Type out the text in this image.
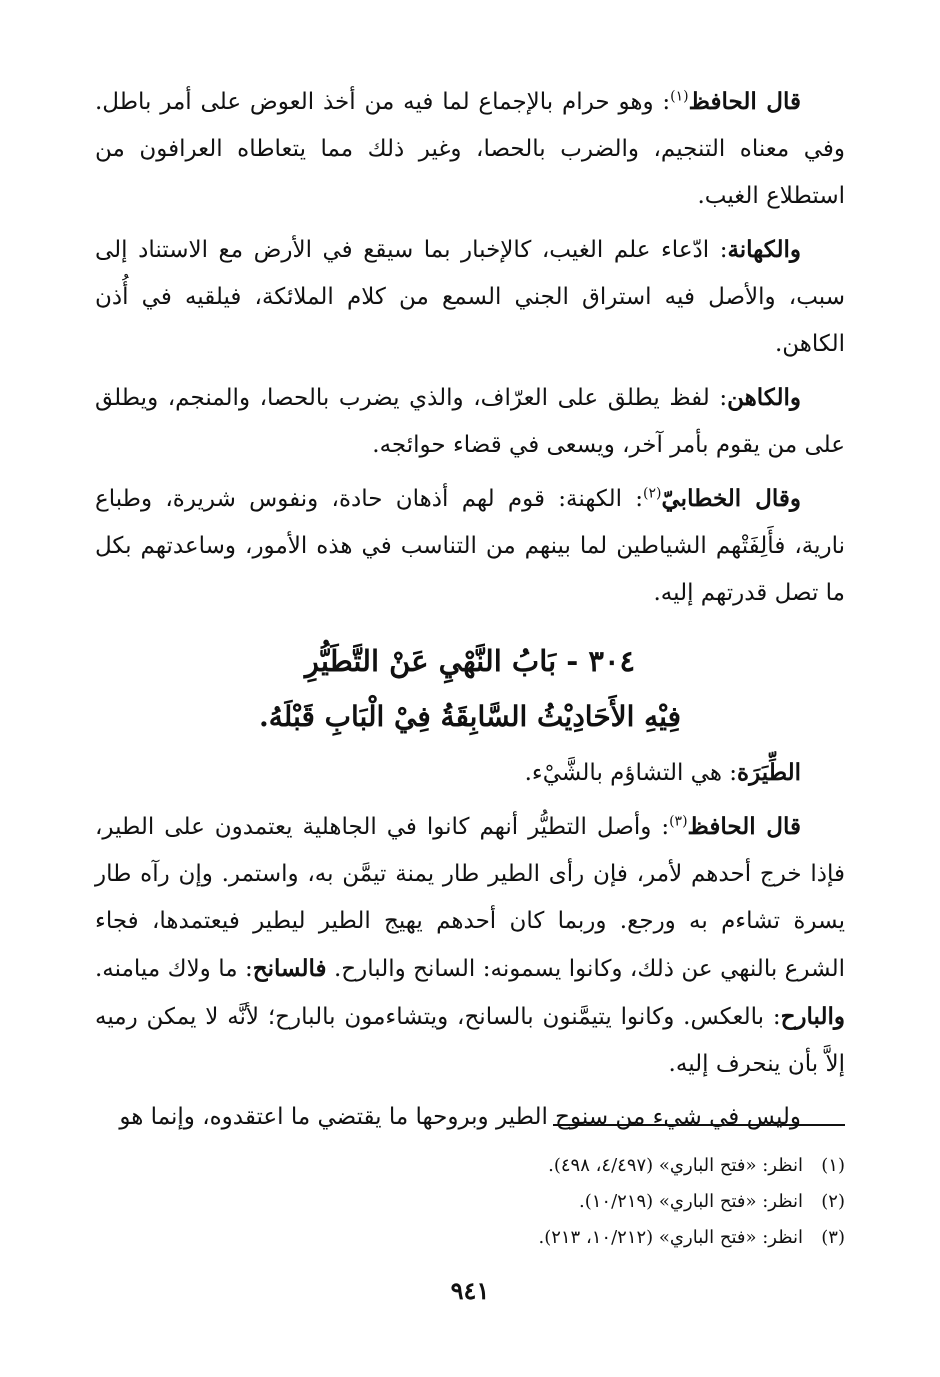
قال الحافظ$^{(١)}$: وهو حرام بالإجماع لما فيه من أخذ العوض على أمر باطل. وفي معناه التنجيم، والضرب بالحصا، وغير ذلك مما يتعاطاه العرافون من استطلاع الغيب.

والكهانة: ادّعاء علم الغيب، كالإخبار بما سيقع في الأرض مع الاستناد إلى سبب، والأصل فيه استراق الجني السمع من كلام الملائكة، فيلقيه في أُذن الكاهن.

والكاهن: لفظ يطلق على العرّاف، والذي يضرب بالحصا، والمنجم، ويطلق على من يقوم بأمر آخر، ويسعى في قضاء حوائجه.

وقال الخطابيّ$^{(٢)}$: الكهنة: قوم لهم أذهان حادة، ونفوس شريرة، وطباع نارية، فأَلِفَتْهم الشياطين لما بينهم من التناسب في هذه الأمور، وساعدتهم بكل ما تصل قدرتهم إليه.

٣٠٤ - بَابُ النَّهْيِ عَنْ التَّطَيُّرِ
فِيْهِ الأَحَادِيْثُ السَّابِقَةُ فِيْ الْبَابِ قَبْلَهُ.

الطِّيَرَة: هي التشاؤم بالشَّيْء.

قال الحافظ$^{(٣)}$: وأصل التطيُّر أنهم كانوا في الجاهلية يعتمدون على الطير، فإذا خرج أحدهم لأمر، فإن رأى الطير طار يمنة تيمَّن به، واستمر. وإن رآه طار يسرة تشاءم به ورجع. وربما كان أحدهم يهيج الطير ليطير فيعتمدها، فجاء الشرع بالنهي عن ذلك، وكانوا يسمونه: السانح والبارح. فالسانح: ما ولاك ميامنه. والبارح: بالعكس. وكانوا يتيمَّنون بالسانح، ويتشاءمون بالبارح؛ لأنَّه لا يمكن رميه إلاَّ بأن ينحرف إليه.

وليس في شيء من سنوح الطير وبروحها ما يقتضي ما اعتقدوه، وإنما هو

(١)انظر: «فتح الباري» (٤/٤٩٧، ٤٩٨).
(٢)انظر: «فتح الباري» (١٠/٢١٩).
(٣)انظر: «فتح الباري» (١٠/٢١٢، ٢١٣).
٩٤١
